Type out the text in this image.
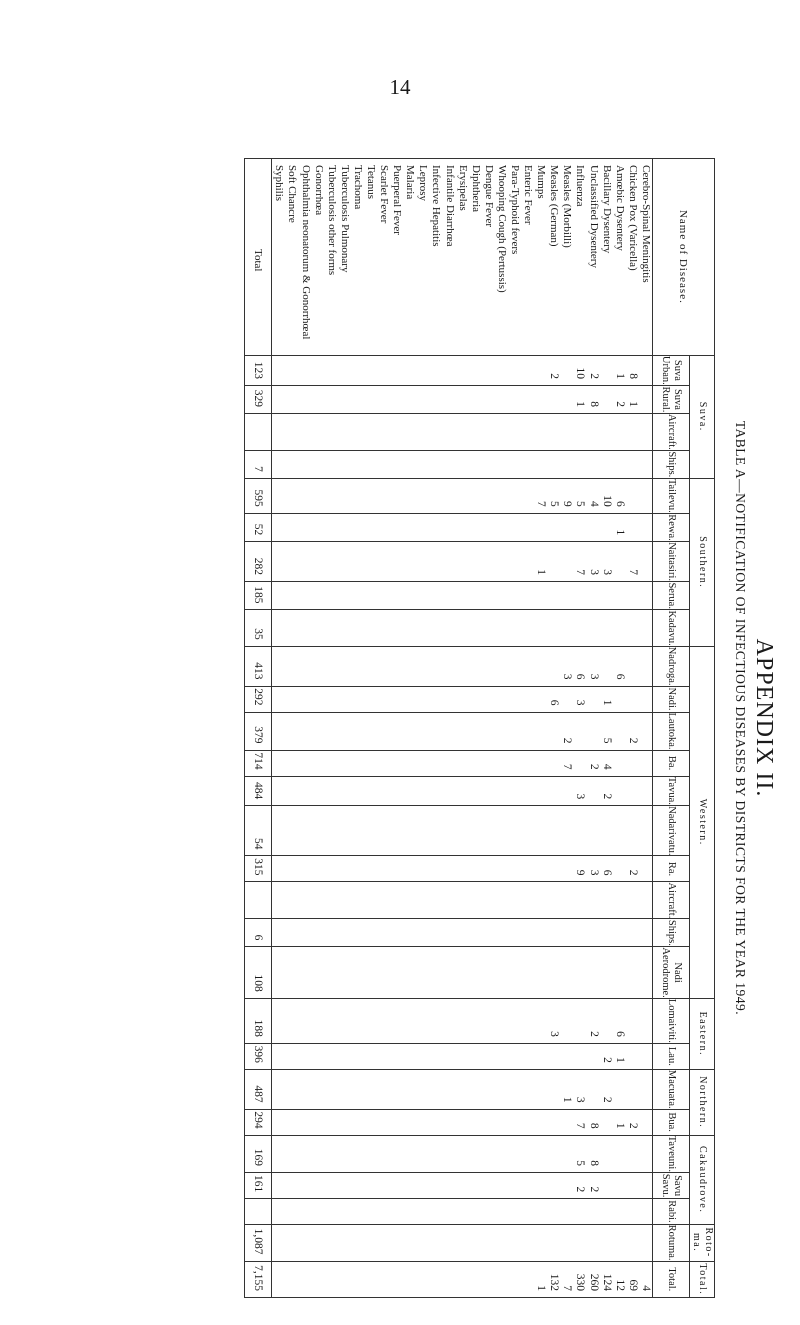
14
APPENDIX II.
TABLE A—NOTIFICATION OF INFECTIOUS DISEASES BY DISTRICTS FOR THE YEAR 1949.
Name of Disease.	Suva.				Southern.					Western.										Eastern.		Northern.		Cakaudrove.			Roto-ma.	Total.
	Suva Urban.	Suva Rural.	Aircraft.	Ships.	Tailevu.	Rewa.	Naitasiri.	Serua.	Kadavu.	Nadroga.	Nadi.	Lautoka.	Ba.	Tavua.	Nadarivatu.	Ra.	Aircraft.	Ships.	Nadi Aerodrome.	Lomaiviti.	Lau.	Macuata.	Bua.	Taveuni.	Savu Savu.	Rabi.	Rotuma.	Total.
Cerebro-Spinal Meningitis																												4
Chicken Pox (Varicella)	8	1					7					2				2							2					69
Amœbic Dysentery	1	2			6	1				6										6	1		1					12
Bacillary Dysentery					10		3				1	5	4	2		6					2	2						124
Unclassified Dysentery	2	8			4		3			3			2			3				2			8	8	2			260
Influenza	10	1			5		7			6	3			3		9						3	7	5	2			330
Measles (Morbilli)					9					3		2	7									1						7
Measles (German)	2				5						6									3								132
Mumps					7		1																					1
Enteric Fever																												
Para-Typhoid fevers																												
Whooping Cough (Pertussis)																												
Dengue Fever																												
Diphtheria																												
Erysipelas																												
Infantile Diarrhœa																												
Infective Hepatitis																												
Leprosy																												
Malaria																												
Puerperal Fever																												
Scarlet Fever																												
Tetanus																												
Trachoma																												
Tuberculosis Pulmonary																												
Tuberculosis other forms																												
Gonorrhœa																												
Ophthalmia neonatorum & Gonorrhœal																												
Soft Chancre																												
Syphilis																												
Total	123	329		7	595	52	282	185	35	413	292	379	714	484	54	315		6	108	188	396	487	294	169	161		1,087	7,155
